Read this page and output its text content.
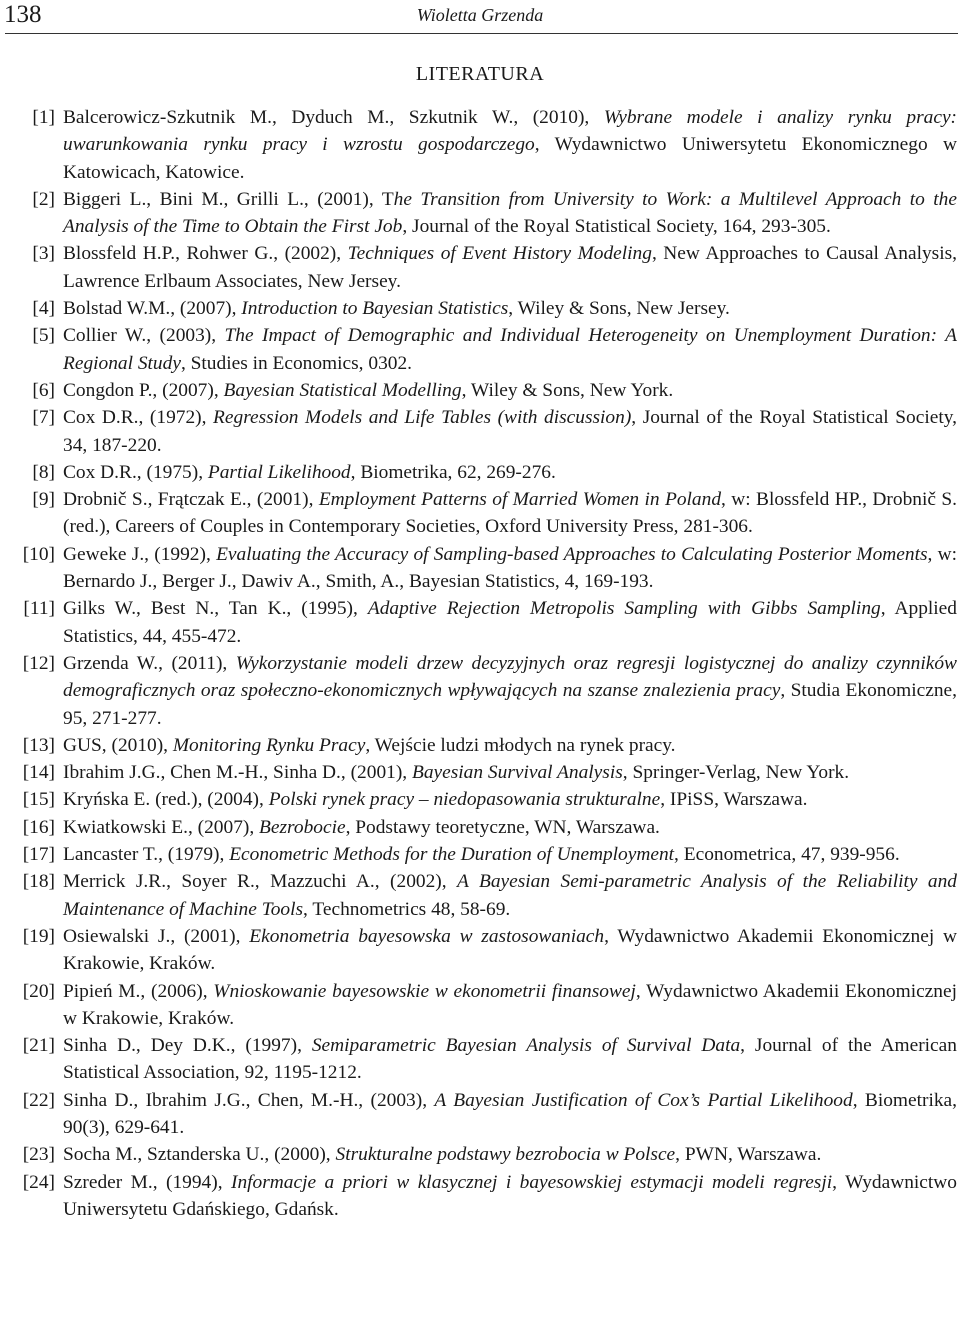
138	Wioletta Grzenda
LITERATURA
[1] Balcerowicz-Szkutnik M., Dyduch M., Szkutnik W., (2010), Wybrane modele i analizy rynku pracy: uwarunkowania rynku pracy i wzrostu gospodarczego, Wydawnictwo Uniwersytetu Ekonomicznego w Katowicach, Katowice.
[2] Biggeri L., Bini M., Grilli L., (2001), The Transition from University to Work: a Multilevel Approach to the Analysis of the Time to Obtain the First Job, Journal of the Royal Statistical Society, 164, 293-305.
[3] Blossfeld H.P., Rohwer G., (2002), Techniques of Event History Modeling, New Approaches to Causal Analysis, Lawrence Erlbaum Associates, New Jersey.
[4] Bolstad W.M., (2007), Introduction to Bayesian Statistics, Wiley & Sons, New Jersey.
[5] Collier W., (2003), The Impact of Demographic and Individual Heterogeneity on Unemployment Duration: A Regional Study, Studies in Economics, 0302.
[6] Congdon P., (2007), Bayesian Statistical Modelling, Wiley & Sons, New York.
[7] Cox D.R., (1972), Regression Models and Life Tables (with discussion), Journal of the Royal Statistical Society, 34, 187-220.
[8] Cox D.R., (1975), Partial Likelihood, Biometrika, 62, 269-276.
[9] Drobnič S., Frątczak E., (2001), Employment Patterns of Married Women in Poland, w: Blossfeld HP., Drobnič S. (red.), Careers of Couples in Contemporary Societies, Oxford University Press, 281-306.
[10] Geweke J., (1992), Evaluating the Accuracy of Sampling-based Approaches to Calculating Posterior Moments, w: Bernardo J., Berger J., Dawiv A., Smith, A., Bayesian Statistics, 4, 169-193.
[11] Gilks W., Best N., Tan K., (1995), Adaptive Rejection Metropolis Sampling with Gibbs Sampling, Applied Statistics, 44, 455-472.
[12] Grzenda W., (2011), Wykorzystanie modeli drzew decyzyjnych oraz regresji logistycznej do analizy czynników demograficznych oraz społeczno-ekonomicznych wpływających na szanse znalezienia pracy, Studia Ekonomiczne, 95, 271-277.
[13] GUS, (2010), Monitoring Rynku Pracy, Wejście ludzi młodych na rynek pracy.
[14] Ibrahim J.G., Chen M.-H., Sinha D., (2001), Bayesian Survival Analysis, Springer-Verlag, New York.
[15] Kryńska E. (red.), (2004), Polski rynek pracy – niedopasowania strukturalne, IPiSS, Warszawa.
[16] Kwiatkowski E., (2007), Bezrobocie, Podstawy teoretyczne, WN, Warszawa.
[17] Lancaster T., (1979), Econometric Methods for the Duration of Unemployment, Econometrica, 47, 939-956.
[18] Merrick J.R., Soyer R., Mazzuchi A., (2002), A Bayesian Semi-parametric Analysis of the Reliability and Maintenance of Machine Tools, Technometrics 48, 58-69.
[19] Osiewalski J., (2001), Ekonometria bayesowska w zastosowaniach, Wydawnictwo Akademii Ekonomicznej w Krakowie, Kraków.
[20] Pipień M., (2006), Wnioskowanie bayesowskie w ekonometrii finansowej, Wydawnictwo Akademii Ekonomicznej w Krakowie, Kraków.
[21] Sinha D., Dey D.K., (1997), Semiparametric Bayesian Analysis of Survival Data, Journal of the American Statistical Association, 92, 1195-1212.
[22] Sinha D., Ibrahim J.G., Chen, M.-H., (2003), A Bayesian Justification of Cox’s Partial Likelihood, Biometrika, 90(3), 629-641.
[23] Socha M., Sztanderska U., (2000), Strukturalne podstawy bezrobocia w Polsce, PWN, Warszawa.
[24] Szreder M., (1994), Informacje a priori w klasycznej i bayesowskiej estymacji modeli regresji, Wydawnictwo Uniwersytetu Gdańskiego, Gdańsk.
